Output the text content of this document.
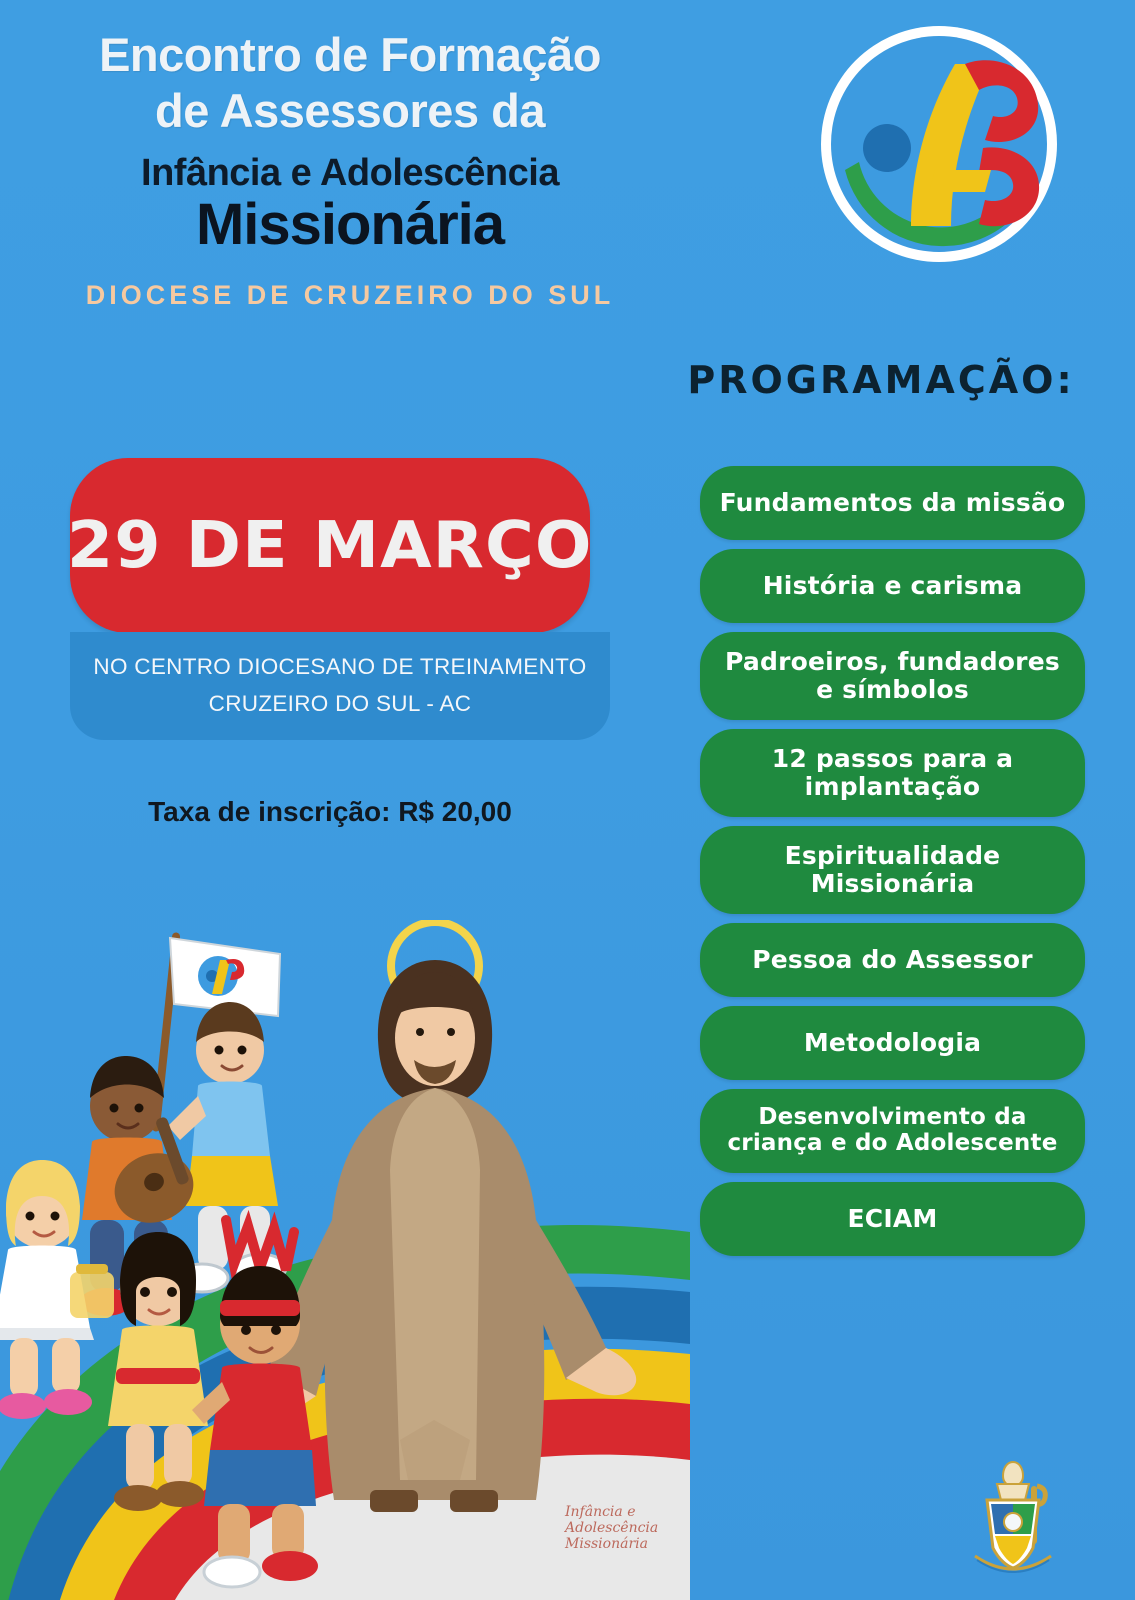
Encontro de Formação
de Assessores da
Infância e Adolescência
Missionária
DIOCESE DE CRUZEIRO DO SUL
29 DE MARÇO
NO CENTRO DIOCESANO DE TREINAMENTO
CRUZEIRO DO SUL - AC
Taxa de inscrição: R$ 20,00
PROGRAMAÇÃO:
Fundamentos da missão
História e carisma
Padroeiros, fundadores e símbolos
12 passos para a implantação
Espiritualidade Missionária
Pessoa do Assessor
Metodologia
Desenvolvimento da criança e do Adolescente
ECIAM
Infância e Adolescência Missionária
